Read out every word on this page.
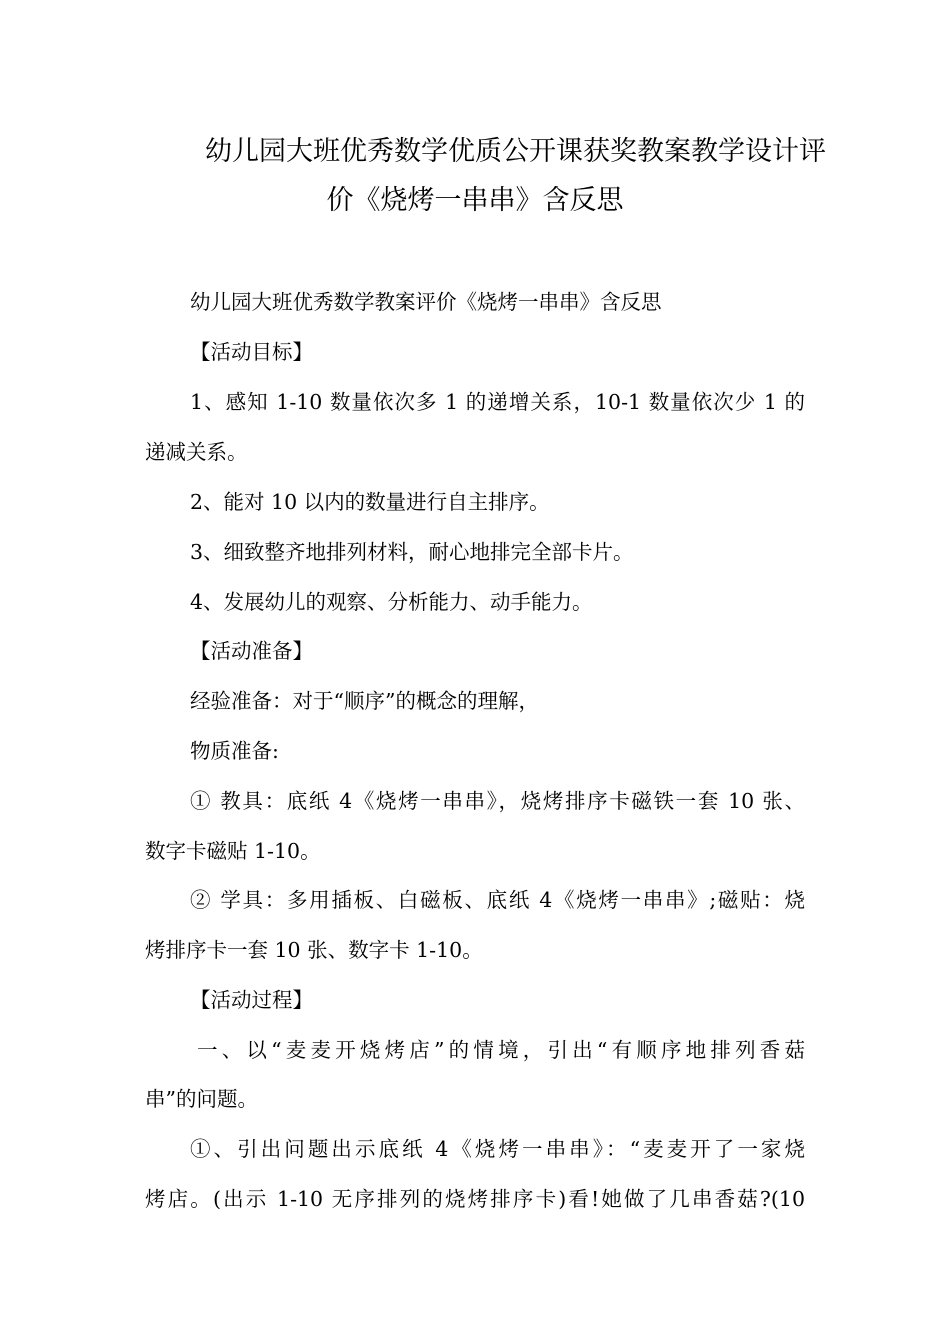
幼儿园大班优秀数学优质公开课获奖教案教学设计评
价《烧烤一串串》含反思

幼儿园大班优秀数学教案评价《烧烤一串串》含反思

【活动目标】

1、感知 1-10 数量依次多 1 的递增关系，10-1 数量依次少 1 的

递减关系。

2、能对 10 以内的数量进行自主排序。

3、细致整齐地排列材料，耐心地排完全部卡片。

4、发展幼儿的观察、分析能力、动手能力。

【活动准备】

经验准备：对于“顺序”的概念的理解，

物质准备:

① 教具：底纸 4《烧烤一串串》，烧烤排序卡磁铁一套 10 张、

数字卡磁贴 1-10。

② 学具：多用插板、白磁板、底纸 4《烧烤一串串》;磁贴：烧

烤排序卡一套 10 张、数字卡 1-10。

【活动过程】

一、以“麦麦开烧烤店”的情境，引出“有顺序地排列香菇

串”的问题。

①、引出问题出示底纸 4《烧烤一串串》：“麦麦开了一家烧

烤店。(出示 1-10 无序排列的烧烤排序卡)看!她做了几串香菇?(10
